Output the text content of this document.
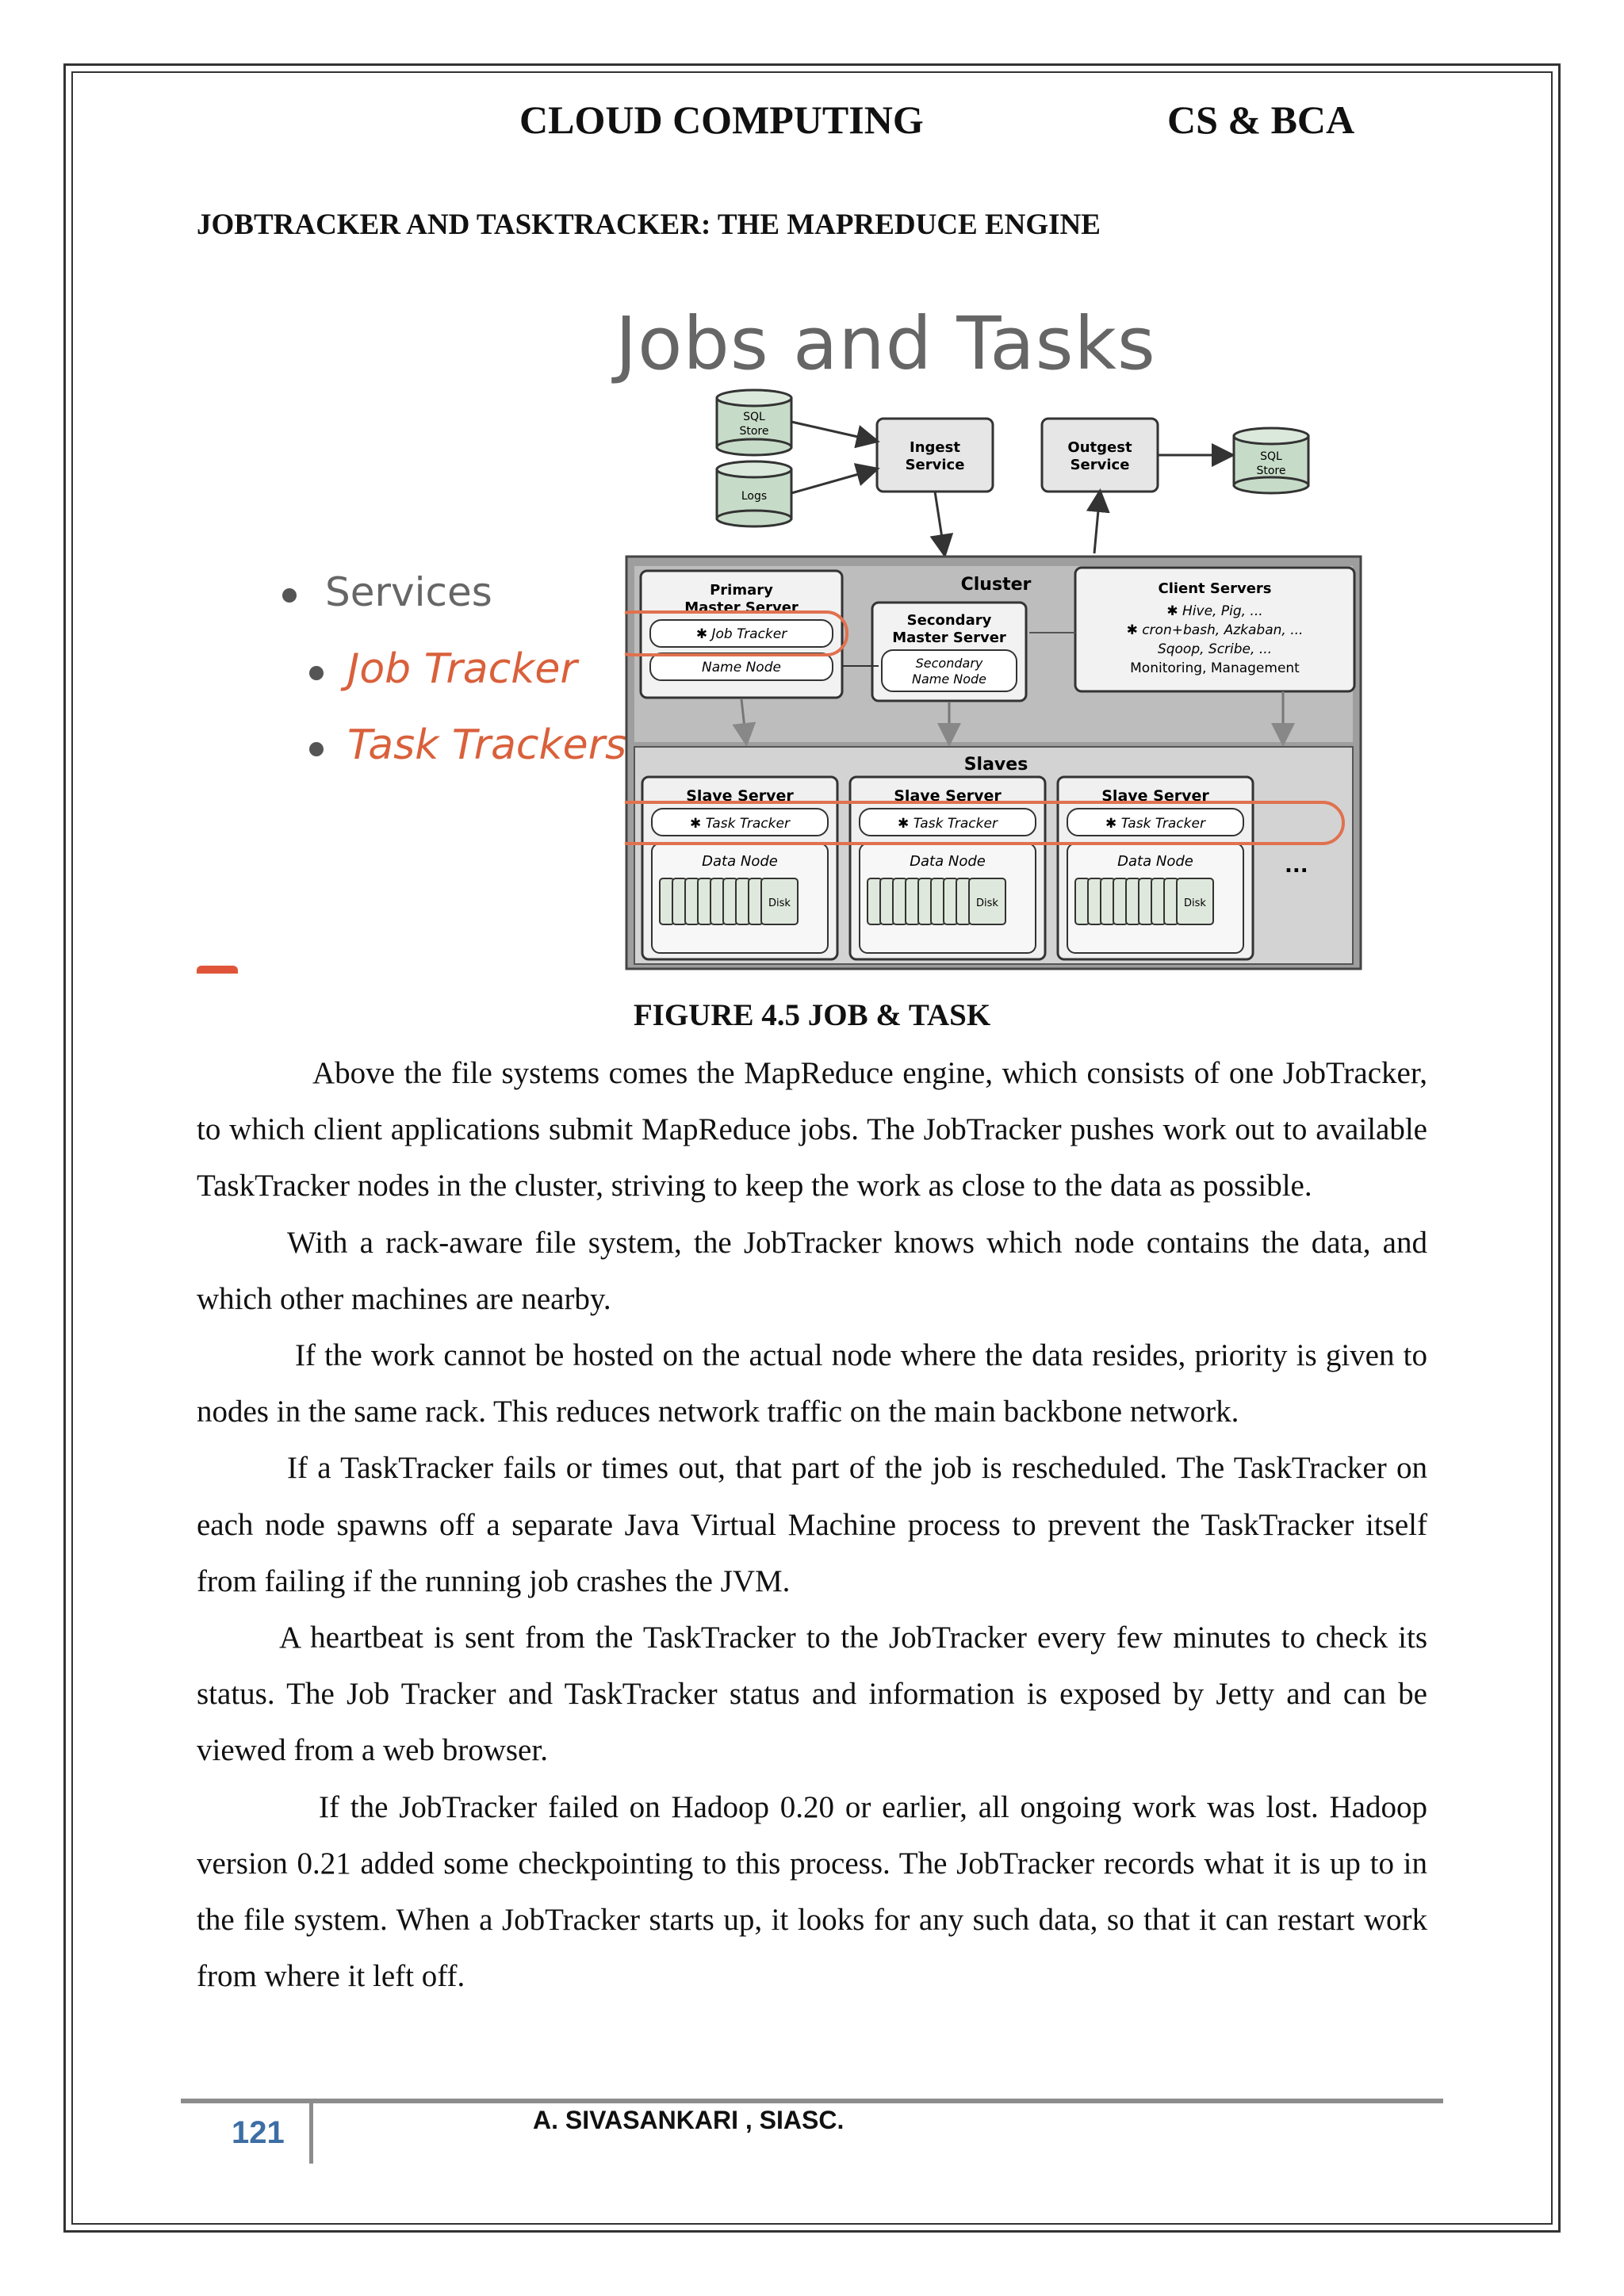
CLOUD COMPUTING	CS & BCA
JOBTRACKER AND TASKTRACKER: THE MAPREDUCE ENGINE
Jobs and Tasks
Services
Job Tracker
Task Trackers
SQL
Store
Logs
Ingest
Service
Outgest
Service	SQL
Store
Cluster
Primary
Master Server
✱ Job Tracker
Name Node
Secondary
Master Server
Secondary
Name Node
Client Servers
✱ Hive, Pig, ...
✱ cron+bash, Azkaban, ...
Sqoop, Scribe, ...
Monitoring, Management
Slaves
Slave Server
✱ Task Tracker
Data Node
Disk
Slave Server
✱ Task Tracker
Data Node
Disk
Slave Server
✱ Task Tracker
Data Node
Disk
...
FIGURE 4.5 JOB & TASK

Above the file systems comes the MapReduce engine, which consists of one JobTracker, to which client applications submit MapReduce jobs. The JobTracker pushes work out to available TaskTracker nodes in the cluster, striving to keep the work as close to the data as possible.

With a rack-aware file system, the JobTracker knows which node contains the data, and which other machines are nearby.

If the work cannot be hosted on the actual node where the data resides, priority is given to nodes in the same rack. This reduces network traffic on the main backbone network.

If a TaskTracker fails or times out, that part of the job is rescheduled. The TaskTracker on each node spawns off a separate Java Virtual Machine process to prevent the TaskTracker itself from failing if the running job crashes the JVM.

A heartbeat is sent from the TaskTracker to the JobTracker every few minutes to check its status. The Job Tracker and TaskTracker status and information is exposed by Jetty and can be viewed from a web browser.

If the JobTracker failed on Hadoop 0.20 or earlier, all ongoing work was lost. Hadoop version 0.21 added some checkpointing to this process. The JobTracker records what it is up to in the file system. When a JobTracker starts up, it looks for any such data, so that it can restart work from where it left off.

121	A. SIVASANKARI , SIASC.
